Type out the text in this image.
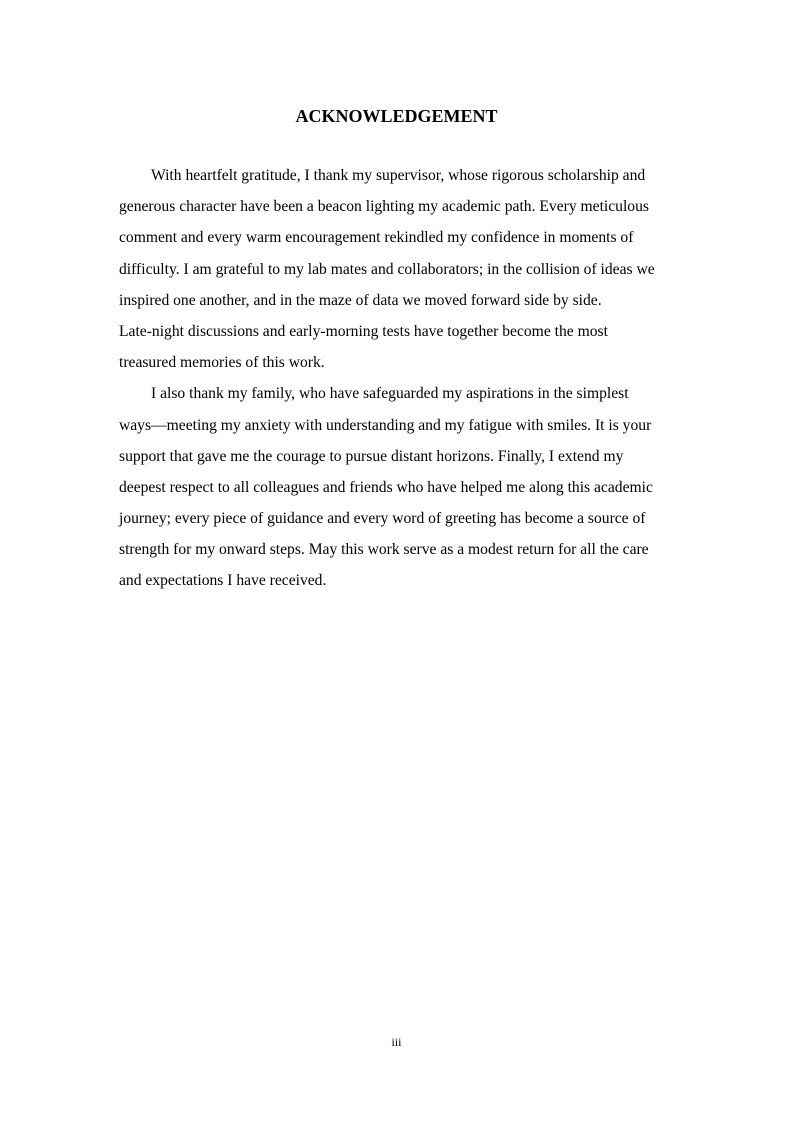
ACKNOWLEDGEMENT
With heartfelt gratitude, I thank my supervisor, whose rigorous scholarship and
generous character have been a beacon lighting my academic path. Every meticulous
comment and every warm encouragement rekindled my confidence in moments of
difficulty. I am grateful to my lab mates and collaborators; in the collision of ideas we
inspired one another, and in the maze of data we moved forward side by side.
Late-night discussions and early-morning tests have together become the most
treasured memories of this work.
I also thank my family, who have safeguarded my aspirations in the simplest
ways—meeting my anxiety with understanding and my fatigue with smiles. It is your
support that gave me the courage to pursue distant horizons. Finally, I extend my
deepest respect to all colleagues and friends who have helped me along this academic
journey; every piece of guidance and every word of greeting has become a source of
strength for my onward steps. May this work serve as a modest return for all the care
and expectations I have received.
iii
